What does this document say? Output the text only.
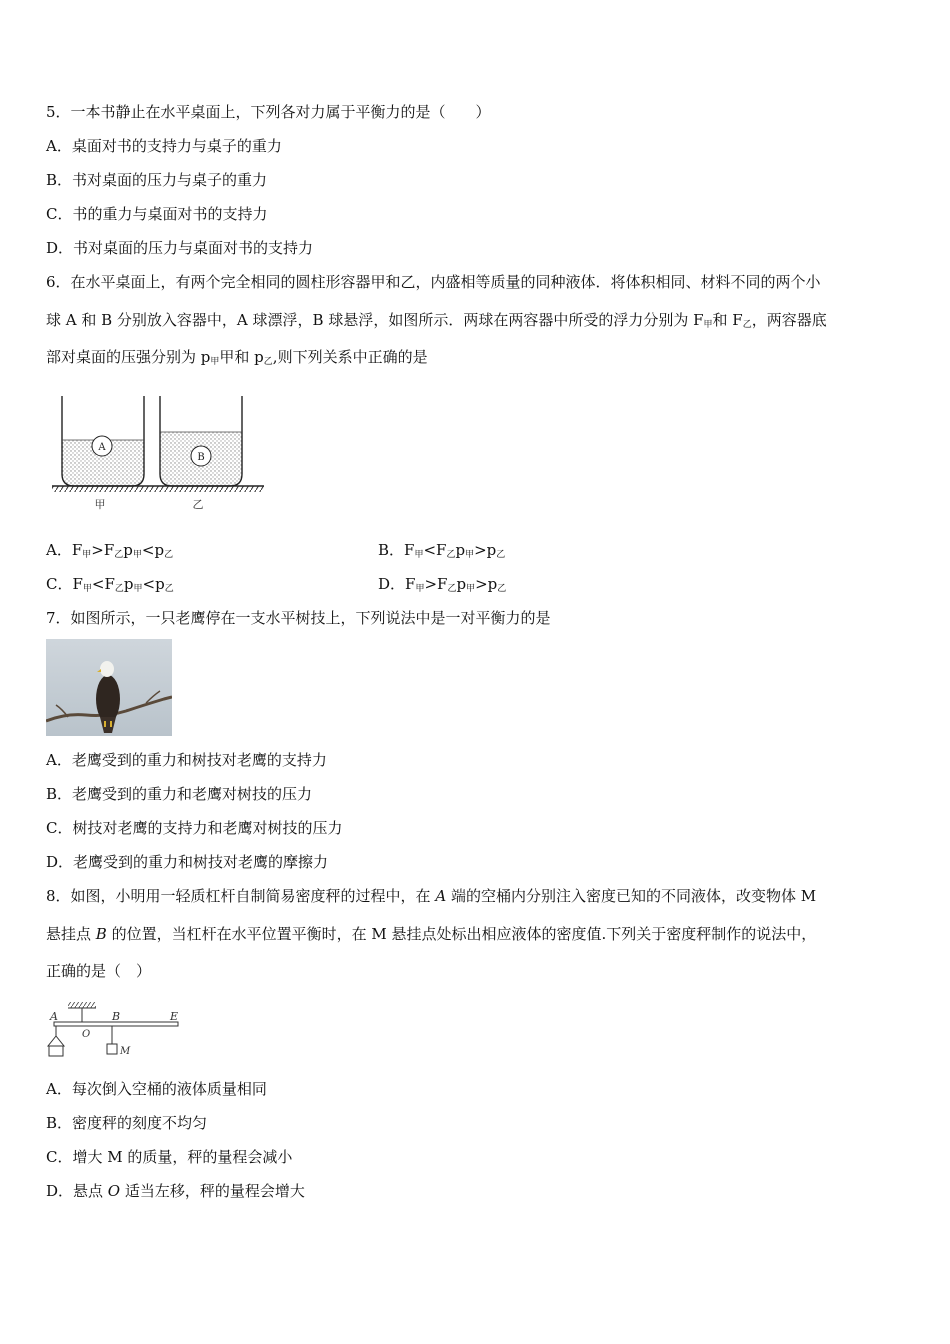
5．一本书静止在水平桌面上，下列各对力属于平衡力的是（　　）
A．桌面对书的支持力与桌子的重力
B．书对桌面的压力与桌子的重力
C．书的重力与桌面对书的支持力
D．书对桌面的压力与桌面对书的支持力
6．在水平桌面上，有两个完全相同的圆柱形容器甲和乙，内盛相等质量的同种液体．将体积相同、材料不同的两个小
球 A 和 B 分别放入容器中，A 球漂浮，B 球悬浮，如图所示．两球在两容器中所受的浮力分别为 $F_甲$和 $F_乙$，两容器底
部对桌面的压强分别为 $p_甲$甲和 $p_乙$,则下列关系中正确的是
A
B
甲	乙
A．$F_甲>F_乙p_甲<p_乙$	B．$F_甲<F_乙p_甲>p_乙$
C．$F_甲<F_乙p_甲<p_乙$	D．$F_甲>F_乙p_甲>p_乙$
7．如图所示，一只老鹰停在一支水平树技上，下列说法中是一对平衡力的是
A．老鹰受到的重力和树技对老鹰的支持力
B．老鹰受到的重力和老鹰对树技的压力
C．树技对老鹰的支持力和老鹰对树技的压力
D．老鹰受到的重力和树技对老鹰的摩擦力
8．如图，小明用一轻质杠杆自制简易密度秤的过程中，在 A 端的空桶内分别注入密度已知的不同液体，改变物体 M
悬挂点 B 的位置，当杠杆在水平位置平衡时，在 M 悬挂点处标出相应液体的密度值.下列关于密度秤制作的说法中，
正确的是（　）
A
O
B	E
M
A．每次倒入空桶的液体质量相同
B．密度秤的刻度不均匀
C．增大 M 的质量，秤的量程会减小
D．悬点 O 适当左移，秤的量程会增大
